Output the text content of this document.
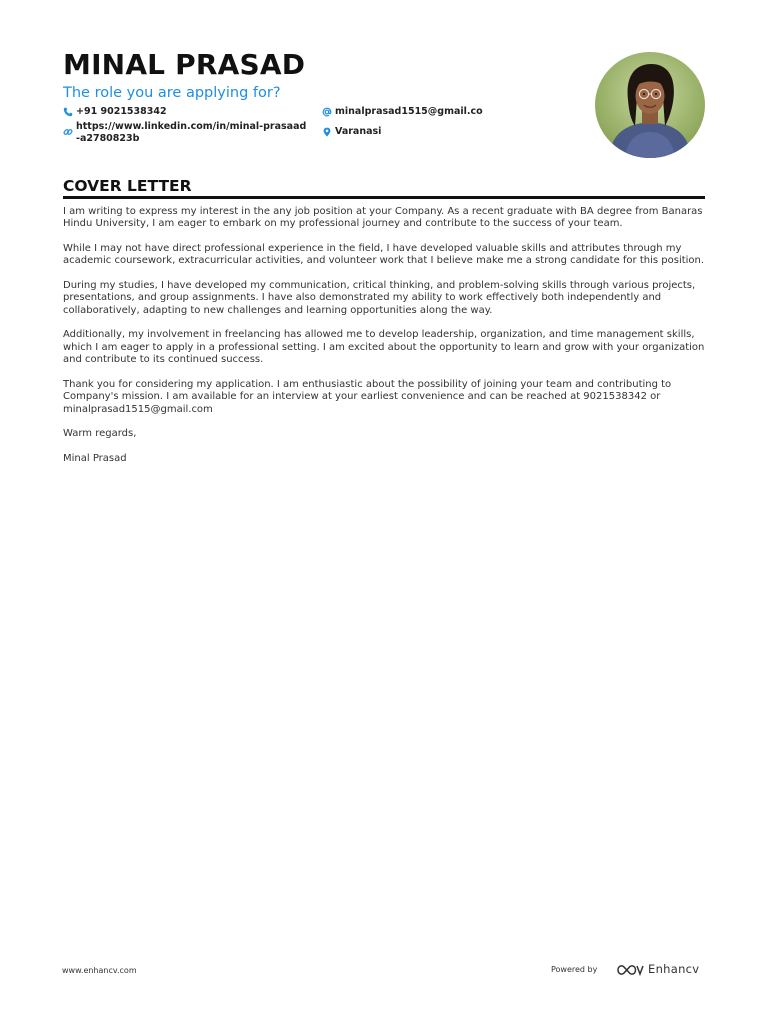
MINAL PRASAD
The role you are applying for?
+91 9021538342
https://www.linkedin.com/in/minal-prasaad
-a2780823b
minalprasad1515@gmail.co
Varanasi
COVER LETTER

I am writing to express my interest in the any job position at your Company. As a recent graduate with BA degree from Banaras Hindu University, I am eager to embark on my professional journey and contribute to the success of your team.

While I may not have direct professional experience in the field, I have developed valuable skills and attributes through my academic coursework, extracurricular activities, and volunteer work that I believe make me a strong candidate for this position.

During my studies, I have developed my communication, critical thinking, and problem-solving skills through various projects, presentations, and group assignments. I have also demonstrated my ability to work effectively both independently and collaboratively, adapting to new challenges and learning opportunities along the way.

Additionally, my involvement in freelancing has allowed me to develop leadership, organization, and time management skills, which I am eager to apply in a professional setting. I am excited about the opportunity to learn and grow with your organization and contribute to its continued success.

Thank you for considering my application. I am enthusiastic about the possibility of joining your team and contributing to Company's mission. I am available for an interview at your earliest convenience and can be reached at 9021538342 or minalprasad1515@gmail.com

Warm regards,

Minal Prasad

www.enhancv.com	Powered by	Enhancv
